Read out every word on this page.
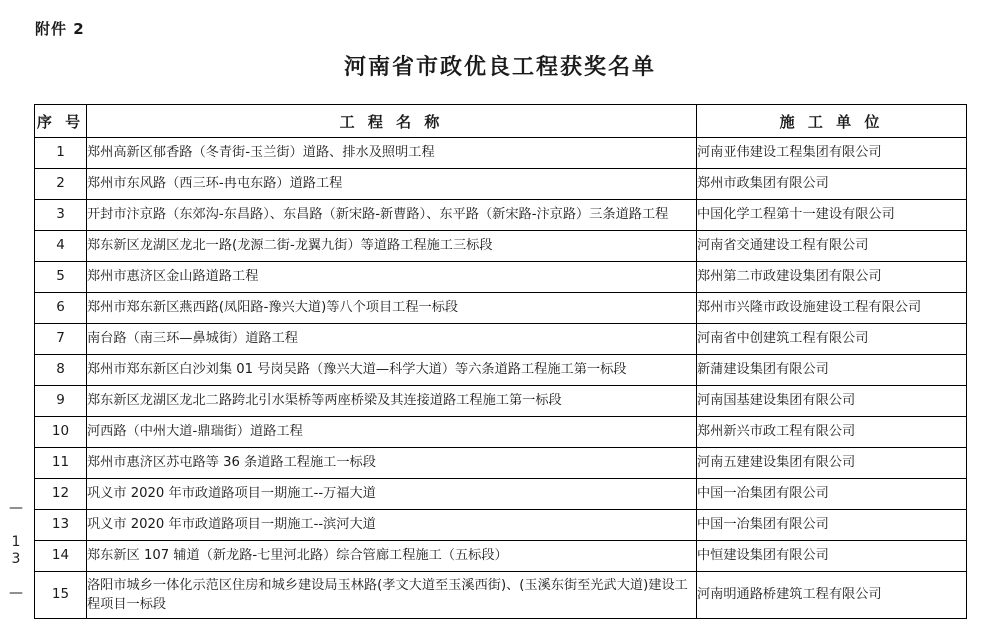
附件 2
河南省市政优良工程获奖名单
— 13 —
序 号	工 程 名 称	施 工 单 位
1	郑州高新区郁香路（冬青街-玉兰街）道路、排水及照明工程	河南亚伟建设工程集团有限公司
2	郑州市东风路（西三环-冉屯东路）道路工程	郑州市政集团有限公司
3	开封市汴京路（东郊沟-东昌路）、东昌路（新宋路-新曹路）、东平路（新宋路-汴京路）三条道路工程	中国化学工程第十一建设有限公司
4	郑东新区龙湖区龙北一路(龙源二街-龙翼九街）等道路工程施工三标段	河南省交通建设工程有限公司
5	郑州市惠济区金山路道路工程	郑州第二市政建设集团有限公司
6	郑州市郑东新区燕西路(凤阳路-豫兴大道)等八个项目工程一标段	郑州市兴隆市政设施建设工程有限公司
7	南台路（南三环—鼻城街）道路工程	河南省中创建筑工程有限公司
8	郑州市郑东新区白沙刘集 01 号岗吴路（豫兴大道—科学大道）等六条道路工程施工第一标段	新蒲建设集团有限公司
9	郑东新区龙湖区龙北二路跨北引水渠桥等两座桥梁及其连接道路工程施工第一标段	河南国基建设集团有限公司
10	河西路（中州大道-鼎瑞街）道路工程	郑州新兴市政工程有限公司
11	郑州市惠济区苏屯路等 36 条道路工程施工一标段	河南五建建设集团有限公司
12	巩义市 2020 年市政道路项目一期施工--万福大道	中国一冶集团有限公司
13	巩义市 2020 年市政道路项目一期施工--滨河大道	中国一冶集团有限公司
14	郑东新区 107 辅道（新龙路-七里河北路）综合管廊工程施工（五标段）	中恒建设集团有限公司
15	洛阳市城乡一体化示范区住房和城乡建设局玉林路(孝文大道至玉溪西街)、(玉溪东街至光武大道)建设工程项目一标段	河南明通路桥建筑工程有限公司
